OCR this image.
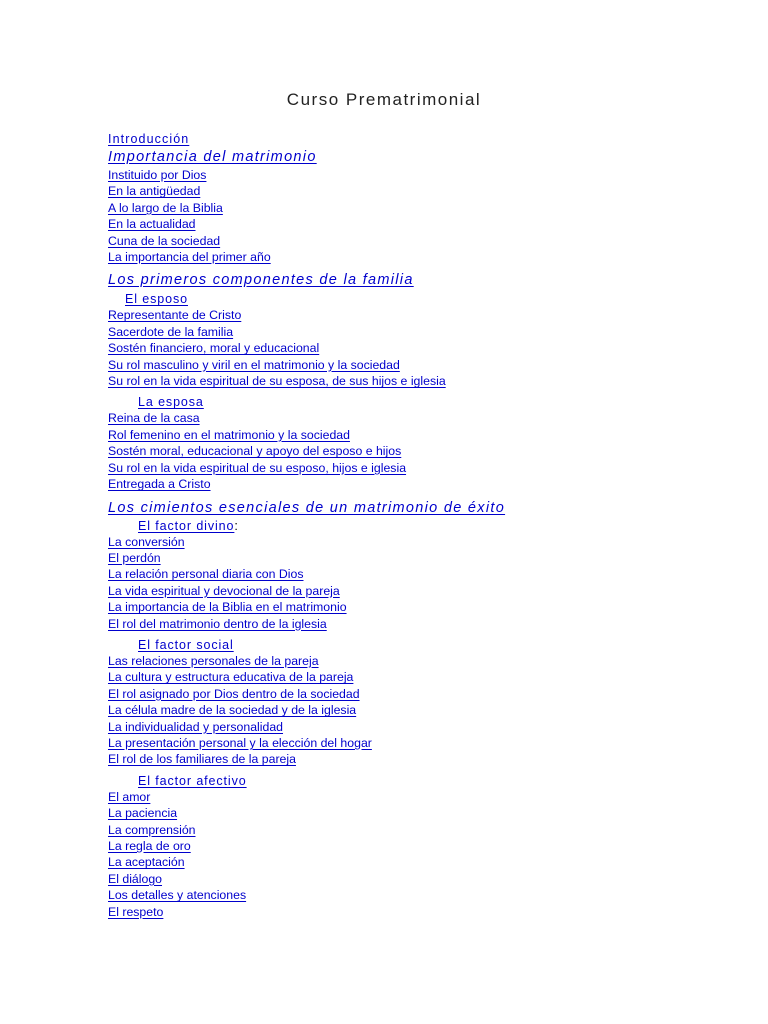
Curso Prematrimonial
Introducción
Importancia del matrimonio
Instituido por Dios
En la antigüedad
A lo largo de la Biblia
En la actualidad
Cuna de la sociedad
La importancia del primer año
Los primeros componentes de la familia
El esposo
Representante de Cristo
Sacerdote de la familia
Sostén financiero, moral y educacional
Su rol masculino y viril en el matrimonio y la sociedad
Su rol en la vida espiritual de su esposa, de sus hijos e iglesia
La esposa
Reina de la casa
Rol femenino en el matrimonio y la sociedad
Sostén moral, educacional y apoyo del esposo e hijos
Su rol en la vida espiritual de su esposo, hijos e iglesia
Entregada a Cristo
Los cimientos esenciales de un matrimonio de éxito
El factor divino:
La conversión
El perdón
La relación personal diaria con Dios
La vida espiritual y devocional de la pareja
La importancia de la Biblia en el matrimonio
El rol del matrimonio dentro de la iglesia
El factor social
Las relaciones personales de la pareja
La cultura y estructura educativa de la pareja
El rol asignado por Dios dentro de la sociedad
La célula madre de la sociedad y de la iglesia
La individualidad y personalidad
La presentación personal y la elección del hogar
El rol de los familiares de la pareja
El factor afectivo
El amor
La paciencia
La comprensión
La regla de oro
La aceptación
El diálogo
Los detalles y atenciones
El respeto
